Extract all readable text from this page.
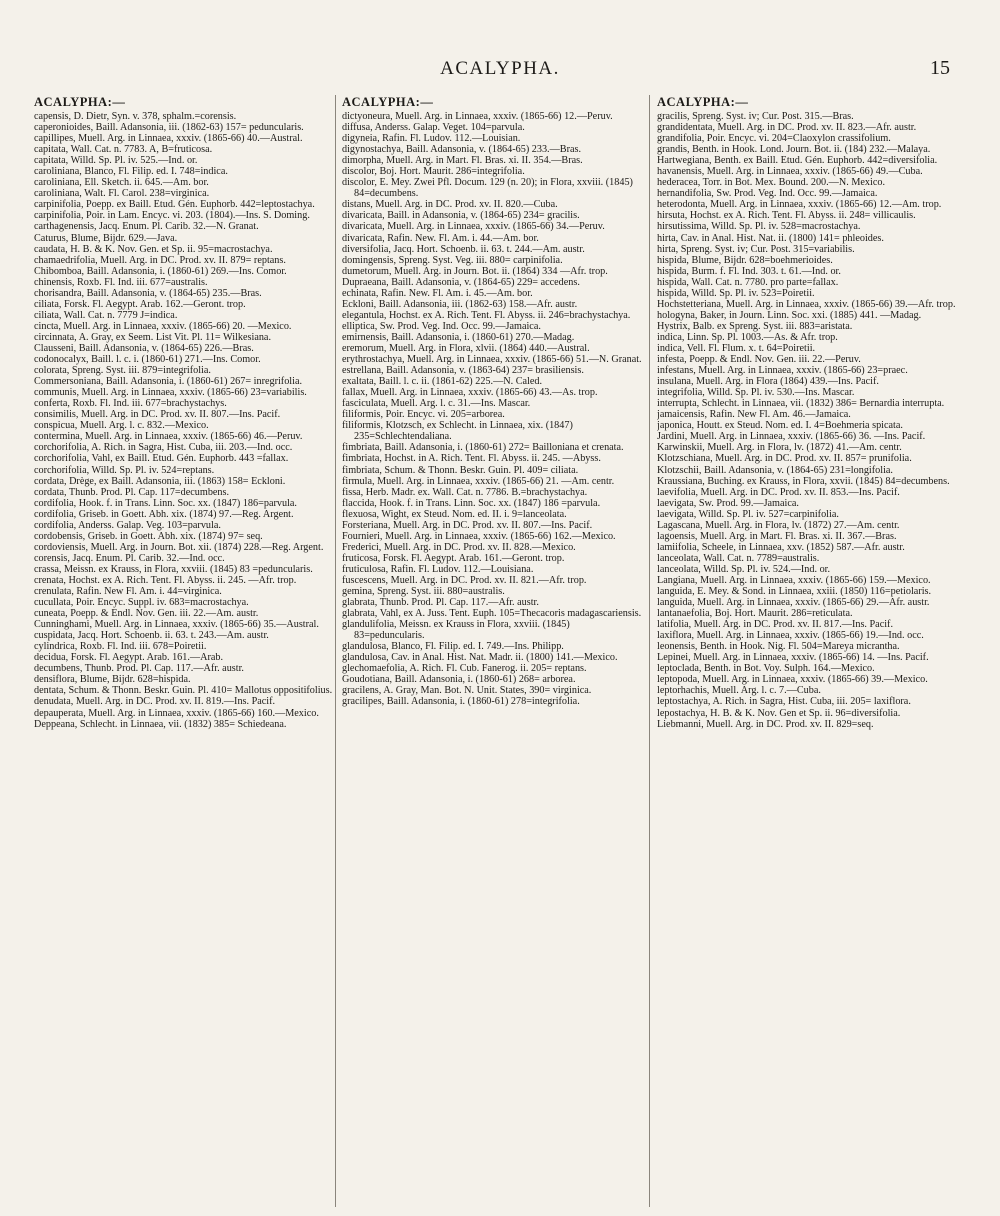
ACALYPHA.	15
ACALYPHA:—

capensis, D. Dietr, Syn. v. 378, sphalm.=corensis.

caperonioides, Baill. Adansonia, iii. (1862-63) 157= peduncularis.

capillipes, Muell. Arg. in Linnaea, xxxiv. (1865-66) 40.—Austral.

capitata, Wall. Cat. n. 7783. A, B=fruticosa.

capitata, Willd. Sp. Pl. iv. 525.—Ind. or.

caroliniana, Blanco, Fl. Filip. ed. I. 748=indica.

caroliniana, Ell. Sketch. ii. 645.—Am. bor.

caroliniana, Walt. Fl. Carol. 238=virginica.

carpinifolia, Poepp. ex Baill. Etud. Gén. Euphorb. 442=leptostachya.

carpinifolia, Poir. in Lam. Encyc. vi. 203. (1804).—Ins. S. Doming.

carthagenensis, Jacq. Enum. Pl. Carib. 32.—N. Granat.

Caturus, Blume, Bijdr. 629.—Java.

caudata, H. B. & K. Nov. Gen. et Sp. ii. 95=macrostachya.

chamaedrifolia, Muell. Arg. in DC. Prod. xv. II. 879= reptans.

Chibomboa, Baill. Adansonia, i. (1860-61) 269.—Ins. Comor.

chinensis, Roxb. Fl. Ind. iii. 677=australis.

chorisandra, Baill. Adansonia, v. (1864-65) 235.—Bras.

ciliata, Forsk. Fl. Aegypt. Arab. 162.—Geront. trop.

ciliata, Wall. Cat. n. 7779 J=indica.

cincta, Muell. Arg. in Linnaea, xxxiv. (1865-66) 20. —Mexico.

circinnata, A. Gray, ex Seem. List Vit. Pl. 11= Wilkesiana.

Clausseni, Baill. Adansonia, v. (1864-65) 226.—Bras.

codonocalyx, Baill. l. c. i. (1860-61) 271.—Ins. Comor.

colorata, Spreng. Syst. iii. 879=integrifolia.

Commersoniana, Baill. Adansonia, i. (1860-61) 267= inregrifolia.

communis, Muell. Arg. in Linnaea, xxxiv. (1865-66) 23=variabilis.

conferta, Roxb. Fl. Ind. iii. 677=brachystachys.

consimilis, Muell. Arg. in DC. Prod. xv. II. 807.—Ins. Pacif.

conspicua, Muell. Arg. l. c. 832.—Mexico.

contermina, Muell. Arg. in Linnaea, xxxiv. (1865-66) 46.—Peruv.

corchorifolia, A. Rich. in Sagra, Hist. Cuba, iii. 203.—Ind. occ.

corchorifolia, Vahl, ex Baill. Etud. Gén. Euphorb. 443 =fallax.

corchorifolia, Willd. Sp. Pl. iv. 524=reptans.

cordata, Drège, ex Baill. Adansonia, iii. (1863) 158= Eckloni.

cordata, Thunb. Prod. Pl. Cap. 117=decumbens.

cordifolia, Hook. f. in Trans. Linn. Soc. xx. (1847) 186=parvula.

cordifolia, Griseb. in Goett. Abh. xix. (1874) 97.—Reg. Argent.

cordifolia, Anderss. Galap. Veg. 103=parvula.

cordobensis, Griseb. in Goett. Abh. xix. (1874) 97= seq.

cordoviensis, Muell. Arg. in Journ. Bot. xii. (1874) 228.—Reg. Argent.

corensis, Jacq. Enum. Pl. Carib. 32.—Ind. occ.

crassa, Meissn. ex Krauss, in Flora, xxviii. (1845) 83 =peduncularis.

crenata, Hochst. ex A. Rich. Tent. Fl. Abyss. ii. 245. —Afr. trop.

crenulata, Rafin. New Fl. Am. i. 44=virginica.

cucullata, Poir. Encyc. Suppl. iv. 683=macrostachya.

cuneata, Poepp. & Endl. Nov. Gen. iii. 22.—Am. austr.

Cunninghami, Muell. Arg. in Linnaea, xxxiv. (1865-66) 35.—Austral.

cuspidata, Jacq. Hort. Schoenb. ii. 63. t. 243.—Am. austr.

cylindrica, Roxb. Fl. Ind. iii. 678=Poiretii.

decidua, Forsk. Fl. Aegypt. Arab. 161.—Arab.

decumbens, Thunb. Prod. Pl. Cap. 117.—Afr. austr.

densiflora, Blume, Bijdr. 628=hispida.

dentata, Schum. & Thonn. Beskr. Guin. Pl. 410= Mallotus oppositifolius.

denudata, Muell. Arg. in DC. Prod. xv. II. 819.—Ins. Pacif.

depauperata, Muell. Arg. in Linnaea, xxxiv. (1865-66) 160.—Mexico.

Deppeana, Schlecht. in Linnaea, vii. (1832) 385= Schiedeana.

ACALYPHA:—

dictyoneura, Muell. Arg. in Linnaea, xxxiv. (1865-66) 12.—Peruv.

diffusa, Anderss. Galap. Veget. 104=parvula.

digyneia, Rafin. Fl. Ludov. 112.—Louisian.

digynostachya, Baill. Adansonia, v. (1864-65) 233.—Bras.

dimorpha, Muell. Arg. in Mart. Fl. Bras. xi. II. 354.—Bras.

discolor, Boj. Hort. Maurit. 286=integrifolia.

discolor, E. Mey. Zwei Pfl. Docum. 129 (n. 20); in Flora, xxviii. (1845) 84=decumbens.

distans, Muell. Arg. in DC. Prod. xv. II. 820.—Cuba.

divaricata, Baill. in Adansonia, v. (1864-65) 234= gracilis.

divaricata, Muell. Arg. in Linnaea, xxxiv. (1865-66) 34.—Peruv.

divaricata, Rafin. New. Fl. Am. i. 44.—Am. bor.

diversifolia, Jacq. Hort. Schoenb. ii. 63. t. 244.—Am. austr.

domingensis, Spreng. Syst. Veg. iii. 880= carpinifolia.

dumetorum, Muell. Arg. in Journ. Bot. ii. (1864) 334 —Afr. trop.

Dupraeana, Baill. Adansonia, v. (1864-65) 229= accedens.

echinata, Rafin. New. Fl. Am. i. 45.—Am. bor.

Eckloni, Baill. Adansonia, iii. (1862-63) 158.—Afr. austr.

elegantula, Hochst. ex A. Rich. Tent. Fl. Abyss. ii. 246=brachystachya.

elliptica, Sw. Prod. Veg. Ind. Occ. 99.—Jamaica.

emirnensis, Baill. Adansonia, i. (1860-61) 270.—Madag.

eremorum, Muell. Arg. in Flora, xlvii. (1864) 440.—Austral.

erythrostachya, Muell. Arg. in Linnaea, xxxiv. (1865-66) 51.—N. Granat.

estrellana, Baill. Adansonia, v. (1863-64) 237= brasiliensis.

exaltata, Baill. l. c. ii. (1861-62) 225.—N. Caled.

fallax, Muell. Arg. in Linnaea, xxxiv. (1865-66) 43.—As. trop.

fasciculata, Muell. Arg. l. c. 31.—Ins. Mascar.

filiformis, Poir. Encyc. vi. 205=arborea.

filiformis, Klotzsch, ex Schlecht. in Linnaea, xix. (1847) 235=Schlechtendaliana.

fimbriata, Baill. Adansonia, i. (1860-61) 272= Bailloniana et crenata.

fimbriata, Hochst. in A. Rich. Tent. Fl. Abyss. ii. 245. —Abyss.

fimbriata, Schum. & Thonn. Beskr. Guin. Pl. 409= ciliata.

firmula, Muell. Arg. in Linnaea, xxxiv. (1865-66) 21. —Am. centr.

fissa, Herb. Madr. ex. Wall. Cat. n. 7786. B.=brachystachya.

flaccida, Hook. f. in Trans. Linn. Soc. xx. (1847) 186 =parvula.

flexuosa, Wight, ex Steud. Nom. ed. II. i. 9=lanceolata.

Forsteriana, Muell. Arg. in DC. Prod. xv. II. 807.—Ins. Pacif.

Fournieri, Muell. Arg. in Linnaea, xxxiv. (1865-66) 162.—Mexico.

Frederici, Muell. Arg. in DC. Prod. xv. II. 828.—Mexico.

fruticosa, Forsk. Fl. Aegypt. Arab. 161.—Geront. trop.

fruticulosa, Rafin. Fl. Ludov. 112.—Louisiana.

fuscescens, Muell. Arg. in DC. Prod. xv. II. 821.—Afr. trop.

gemina, Spreng. Syst. iii. 880=australis.

glabrata, Thunb. Prod. Pl. Cap. 117.—Afr. austr.

glabrata, Vahl, ex A. Juss. Tent. Euph. 105=Thecacoris madagascariensis.

glandulifolia, Meissn. ex Krauss in Flora, xxviii. (1845) 83=peduncularis.

glandulosa, Blanco, Fl. Filip. ed. I. 749.—Ins. Philipp.

glandulosa, Cav. in Anal. Hist. Nat. Madr. ii. (1800) 141.—Mexico.

glechomaefolia, A. Rich. Fl. Cub. Fanerog. ii. 205= reptans.

Goudotiana, Baill. Adansonia, i. (1860-61) 268= arborea.

gracilens, A. Gray, Man. Bot. N. Unit. States, 390= virginica.

gracilipes, Baill. Adansonia, i. (1860-61) 278=integrifolia.

ACALYPHA:—

gracilis, Spreng. Syst. iv; Cur. Post. 315.—Bras.

grandidentata, Muell. Arg. in DC. Prod. xv. II. 823.—Afr. austr.

grandifolia, Poir. Encyc. vi. 204=Claoxylon crassifolium.

grandis, Benth. in Hook. Lond. Journ. Bot. ii. (184) 232.—Malaya.

Hartwegiana, Benth. ex Baill. Etud. Gén. Euphorb. 442=diversifolia.

havanensis, Muell. Arg. in Linnaea, xxxiv. (1865-66) 49.—Cuba.

hederacea, Torr. in Bot. Mex. Bound. 200.—N. Mexico.

hernandifolia, Sw. Prod. Veg. Ind. Occ. 99.—Jamaica.

heterodonta, Muell. Arg. in Linnaea, xxxiv. (1865-66) 12.—Am. trop.

hirsuta, Hochst. ex A. Rich. Tent. Fl. Abyss. ii. 248= villicaulis.

hirsutissima, Willd. Sp. Pl. iv. 528=macrostachya.

hirta, Cav. in Anal. Hist. Nat. ii. (1800) 141= phleoides.

hirta, Spreng. Syst. iv; Cur. Post. 315=variabilis.

hispida, Blume, Bijdr. 628=boehmerioides.

hispida, Burm. f. Fl. Ind. 303. t. 61.—Ind. or.

hispida, Wall. Cat. n. 7780. pro parte=fallax.

hispida, Willd. Sp. Pl. iv. 523=Poiretii.

Hochstetteriana, Muell. Arg. in Linnaea, xxxiv. (1865-66) 39.—Afr. trop.

hologyna, Baker, in Journ. Linn. Soc. xxi. (1885) 441. —Madag.

Hystrix, Balb. ex Spreng. Syst. iii. 883=aristata.

indica, Linn. Sp. Pl. 1003.—As. & Afr. trop.

indica, Vell. Fl. Flum. x. t. 64=Poiretii.

infesta, Poepp. & Endl. Nov. Gen. iii. 22.—Peruv.

infestans, Muell. Arg. in Linnaea, xxxiv. (1865-66) 23=praec.

insulana, Muell. Arg. in Flora (1864) 439.—Ins. Pacif.

integrifolia, Willd. Sp. Pl. iv. 530.—Ins. Mascar.

interrupta, Schlecht. in Linnaea, vii. (1832) 386= Bernardia interrupta.

jamaicensis, Rafin. New Fl. Am. 46.—Jamaica.

japonica, Houtt. ex Steud. Nom. ed. I. 4=Boehmeria spicata.

Jardini, Muell. Arg. in Linnaea, xxxiv. (1865-66) 36. —Ins. Pacif.

Karwinskii, Muell. Arg. in Flora, lv. (1872) 41.—Am. centr.

Klotzschiana, Muell. Arg. in DC. Prod. xv. II. 857= prunifolia.

Klotzschii, Baill. Adansonia, v. (1864-65) 231=longifolia.

Kraussiana, Buching. ex Krauss, in Flora, xxvii. (1845) 84=decumbens.

laevifolia, Muell. Arg. in DC. Prod. xv. II. 853.—Ins. Pacif.

laevigata, Sw. Prod. 99.—Jamaica.

laevigata, Willd. Sp. Pl. iv. 527=carpinifolia.

Lagascana, Muell. Arg. in Flora, lv. (1872) 27.—Am. centr.

lagoensis, Muell. Arg. in Mart. Fl. Bras. xi. II. 367.—Bras.

lamiifolia, Scheele, in Linnaea, xxv. (1852) 587.—Afr. austr.

lanceolata, Wall. Cat. n. 7789=australis.

lanceolata, Willd. Sp. Pl. iv. 524.—Ind. or.

Langiana, Muell. Arg. in Linnaea, xxxiv. (1865-66) 159.—Mexico.

languida, E. Mey. & Sond. in Linnaea, xxiii. (1850) 116=petiolaris.

languida, Muell. Arg. in Linnaea, xxxiv. (1865-66) 29.—Afr. austr.

lantanaefolia, Boj. Hort. Maurit. 286=reticulata.

latifolia, Muell. Arg. in DC. Prod. xv. II. 817.—Ins. Pacif.

laxiflora, Muell. Arg. in Linnaea, xxxiv. (1865-66) 19.—Ind. occ.

leonensis, Benth. in Hook. Nig. Fl. 504=Mareya micrantha.

Lepinei, Muell. Arg. in Linnaea, xxxiv. (1865-66) 14. —Ins. Pacif.

leptoclada, Benth. in Bot. Voy. Sulph. 164.—Mexico.

leptopoda, Muell. Arg. in Linnaea, xxxiv. (1865-66) 39.—Mexico.

leptorhachis, Muell. Arg. l. c. 7.—Cuba.

leptostachya, A. Rich. in Sagra, Hist. Cuba, iii. 205= laxiflora.

lepostachya, H. B. & K. Nov. Gen et Sp. ii. 96=diversifolia.

Liebmanni, Muell. Arg. in DC. Prod. xv. II. 829=seq.
